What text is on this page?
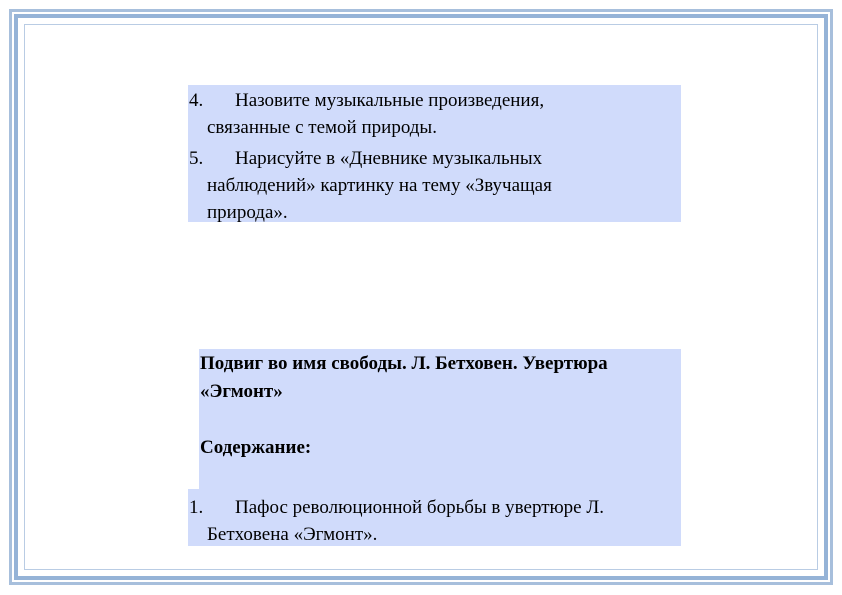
4.	Назовите музыкальные произведения,
связанные с темой природы.
5.	Нарисуйте в «Дневнике музыкальных
наблюдений» картинку на тему «Звучащая
природа».
Подвиг во имя свободы. Л. Бетховен. Увертюра
«Эгмонт»
Содержание:
1.	Пафос революционной борьбы в увертюре Л.
Бетховена «Эгмонт».
